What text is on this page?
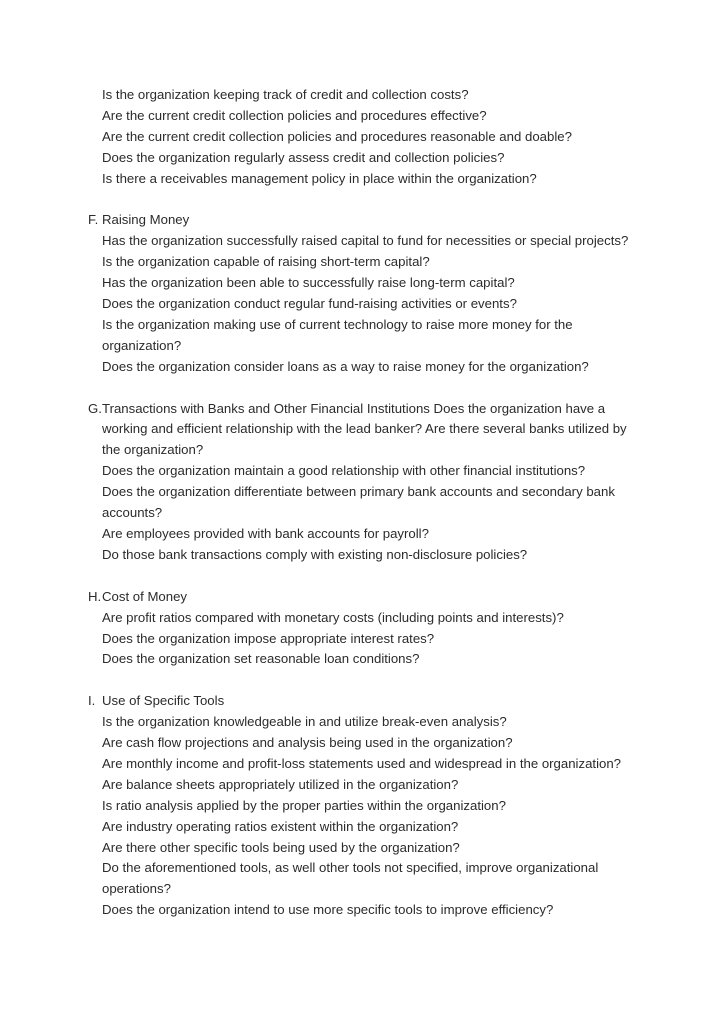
Is the organization keeping track of credit and collection costs?
Are the current credit collection policies and procedures effective?
Are the current credit collection policies and procedures reasonable and doable?
Does the organization regularly assess credit and collection policies?
Is there a receivables management policy in place within the organization?
F. Raising Money
Has the organization successfully raised capital to fund for necessities or special projects?
Is the organization capable of raising short-term capital?
Has the organization been able to successfully raise long-term capital?
Does the organization conduct regular fund-raising activities or events?
Is the organization making use of current technology to raise more money for the organization?
Does the organization consider loans as a way to raise money for the organization?
G.Transactions with Banks and Other Financial Institutions Does the organization have a working and efficient relationship with the lead banker? Are there several banks utilized by the organization?
Does the organization maintain a good relationship with other financial institutions?
Does the organization differentiate between primary bank accounts and secondary bank accounts?
Are employees provided with bank accounts for payroll?
Do those bank transactions comply with existing non-disclosure policies?
H.Cost of Money
Are profit ratios compared with monetary costs (including points and interests)?
Does the organization impose appropriate interest rates?
Does the organization set reasonable loan conditions?
I. Use of Specific Tools
Is the organization knowledgeable in and utilize break-even analysis?
Are cash flow projections and analysis being used in the organization?
Are monthly income and profit-loss statements used and widespread in the organization?
Are balance sheets appropriately utilized in the organization?
Is ratio analysis applied by the proper parties within the organization?
Are industry operating ratios existent within the organization?
Are there other specific tools being used by the organization?
Do the aforementioned tools, as well other tools not specified, improve organizational operations?
Does the organization intend to use more specific tools to improve efficiency?
